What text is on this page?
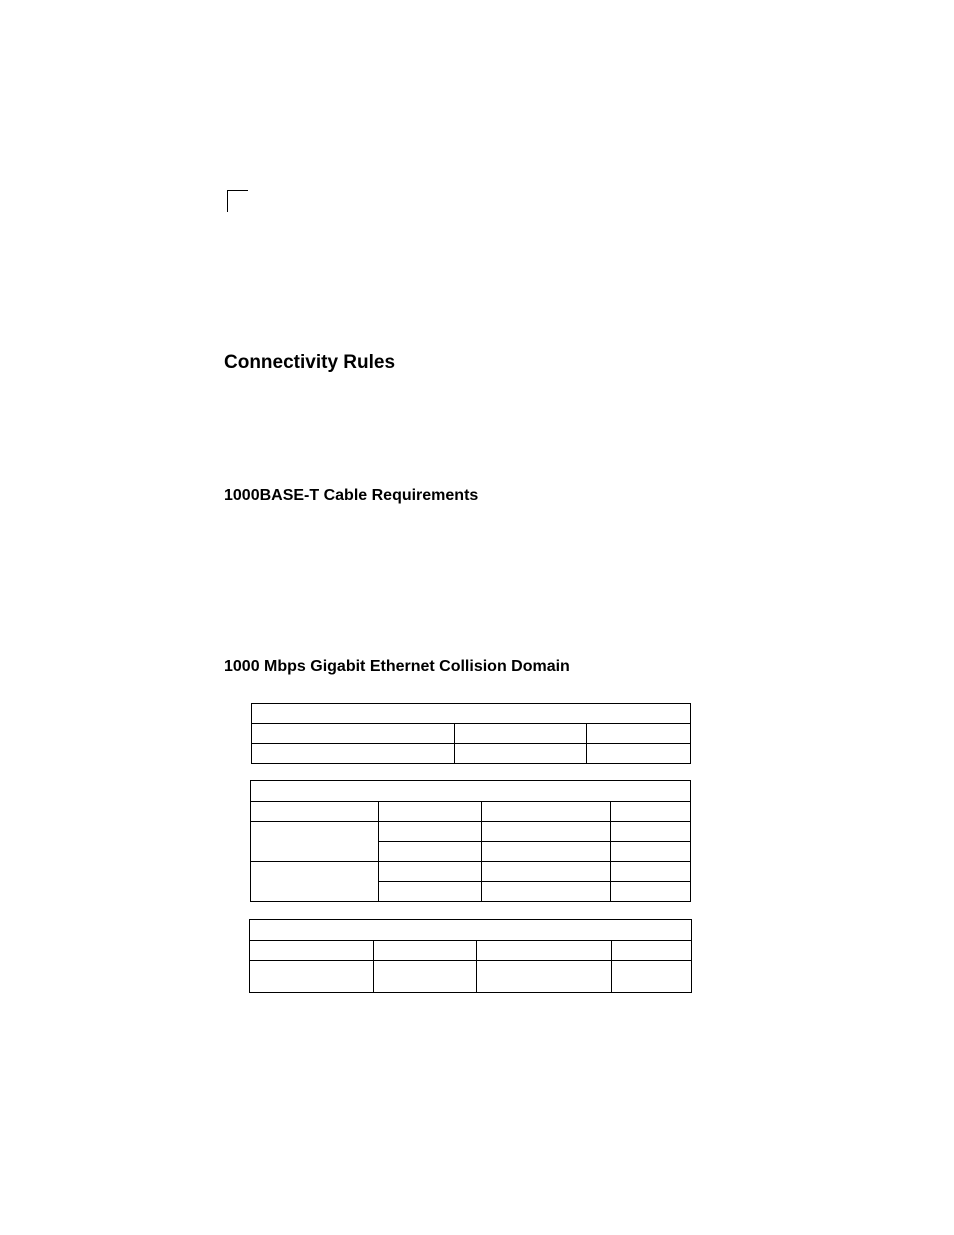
Connectivity Rules
1000BASE-T Cable Requirements
1000 Mbps Gigabit Ethernet Collision Domain
